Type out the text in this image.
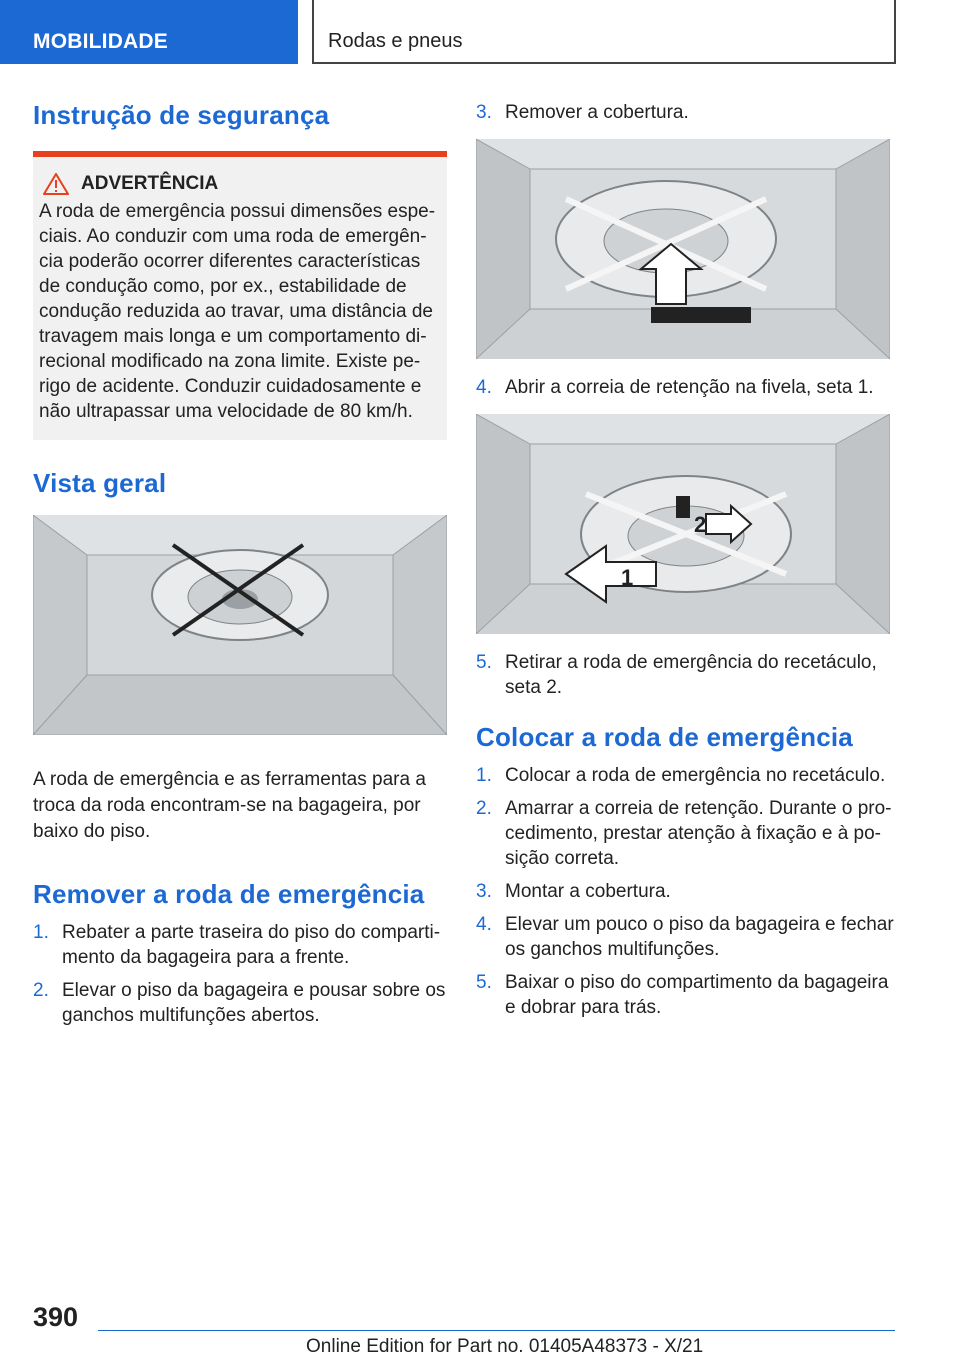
MOBILIDADE	Rodas e pneus
Instrução de segurança
ADVERTÊNCIA

A roda de emergência possui dimensões espe-ciais. Ao conduzir com uma roda de emergên-cia poderão ocorrer diferentes características de condução como, por ex., estabilidade de condução reduzida ao travar, uma distância de travagem mais longa e um comportamento di-recional modificado na zona limite. Existe pe-rigo de acidente. Conduzir cuidadosamente e não ultrapassar uma velocidade de 80 km/h.

Vista geral

A roda de emergência e as ferramentas para a troca da roda encontram-se na bagageira, por baixo do piso.

Remover a roda de emergência
1. Rebater a parte traseira do piso do comparti-mento da bagageira para a frente.
2. Elevar o piso da bagageira e pousar sobre os ganchos multifunções abertos.
3. Remover a cobertura.
4. Abrir a correia de retenção na fivela, seta 1.
1
2
5. Retirar a roda de emergência do recetáculo, seta 2.
Colocar a roda de emergência
1. Colocar a roda de emergência no recetáculo.
2. Amarrar a correia de retenção. Durante o pro-cedimento, prestar atenção à fixação e à po-sição correta.
3. Montar a cobertura.
4. Elevar um pouco o piso da bagageira e fechar os ganchos multifunções.
5. Baixar o piso do compartimento da bagageira e dobrar para trás.
390
Online Edition for Part no. 01405A48373 - X/21
